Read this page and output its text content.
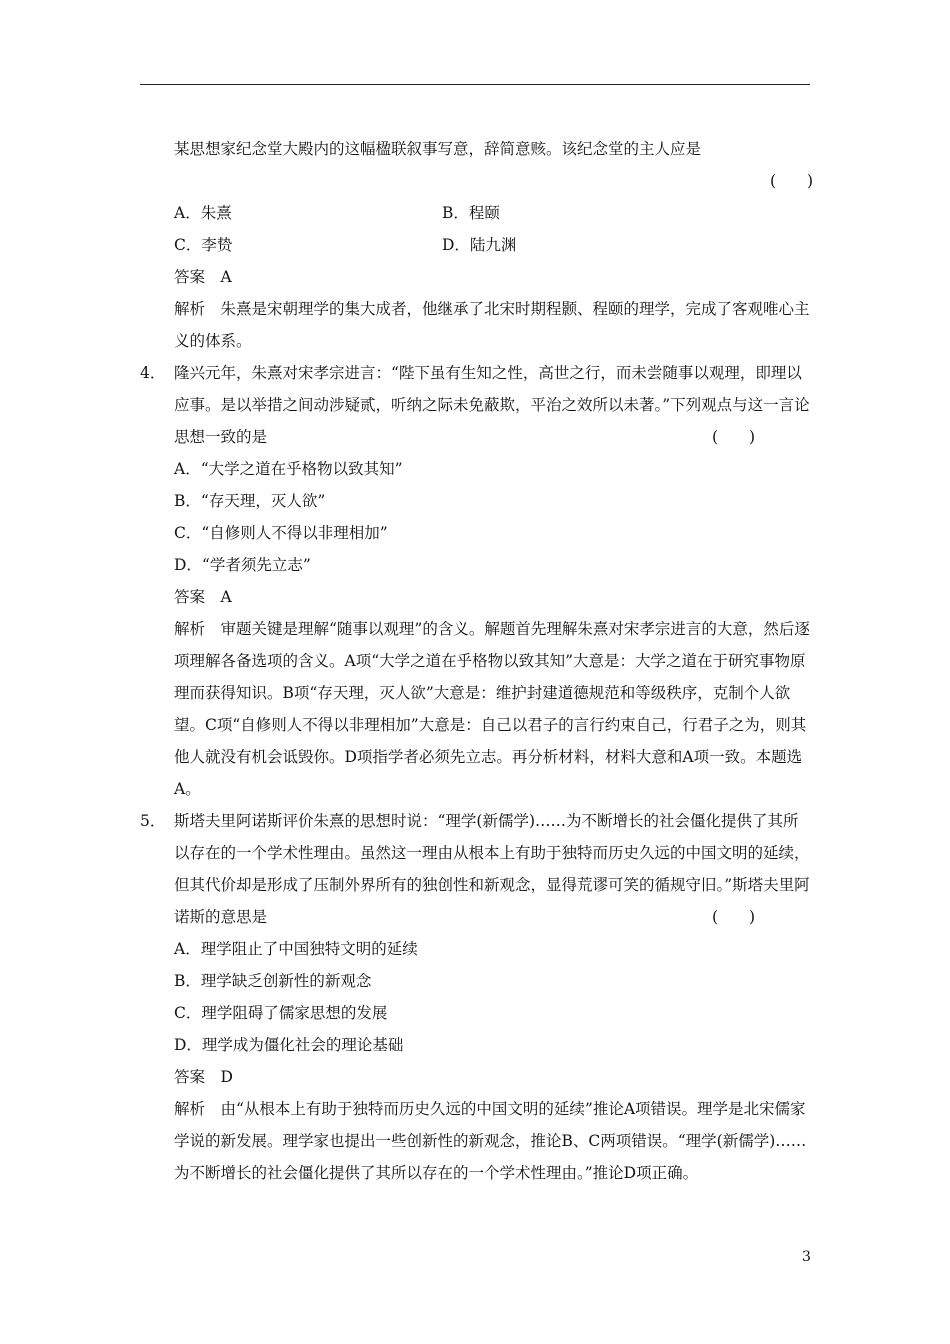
某思想家纪念堂大殿内的这幅楹联叙事写意，辞简意赅。该纪念堂的主人应是
(　　)
A．朱熹	B．程颐
C．李贽	D．陆九渊
答案　A
解析　朱熹是宋朝理学的集大成者，他继承了北宋时期程颢、程颐的理学，完成了客观唯心主义的体系。
4． 隆兴元年，朱熹对宋孝宗进言：“陛下虽有生知之性，高世之行，而未尝随事以观理，即理以应事。是以举措之间动涉疑贰，听纳之际未免蔽欺，平治之效所以未著。”下列观点与这一言论思想一致的是	(　　)
A．“大学之道在乎格物以致其知”
B．“存天理，灭人欲”
C．“自修则人不得以非理相加”
D．“学者须先立志”
答案　A
解析　审题关键是理解“随事以观理”的含义。解题首先理解朱熹对宋孝宗进言的大意，然后逐项理解各备选项的含义。A项“大学之道在乎格物以致其知”大意是：大学之道在于研究事物原理而获得知识。B项“存天理，灭人欲”大意是：维护封建道德规范和等级秩序，克制个人欲望。C项“自修则人不得以非理相加”大意是：自己以君子的言行约束自己，行君子之为，则其他人就没有机会诋毁你。D项指学者必须先立志。再分析材料，材料大意和A项一致。本题选A。
5． 斯塔夫里阿诺斯评价朱熹的思想时说：“理学(新儒学)……为不断增长的社会僵化提供了其所以存在的一个学术性理由。虽然这一理由从根本上有助于独特而历史久远的中国文明的延续，但其代价却是形成了压制外界所有的独创性和新观念，显得荒谬可笑的循规守旧。”斯塔夫里阿诺斯的意思是	(　　)
A．理学阻止了中国独特文明的延续
B．理学缺乏创新性的新观念
C．理学阻碍了儒家思想的发展
D．理学成为僵化社会的理论基础
答案　D
解析　由“从根本上有助于独特而历史久远的中国文明的延续”推论A项错误。理学是北宋儒家学说的新发展。理学家也提出一些创新性的新观念，推论B、C两项错误。“理学(新儒学)……为不断增长的社会僵化提供了其所以存在的一个学术性理由。”推论D项正确。
3
